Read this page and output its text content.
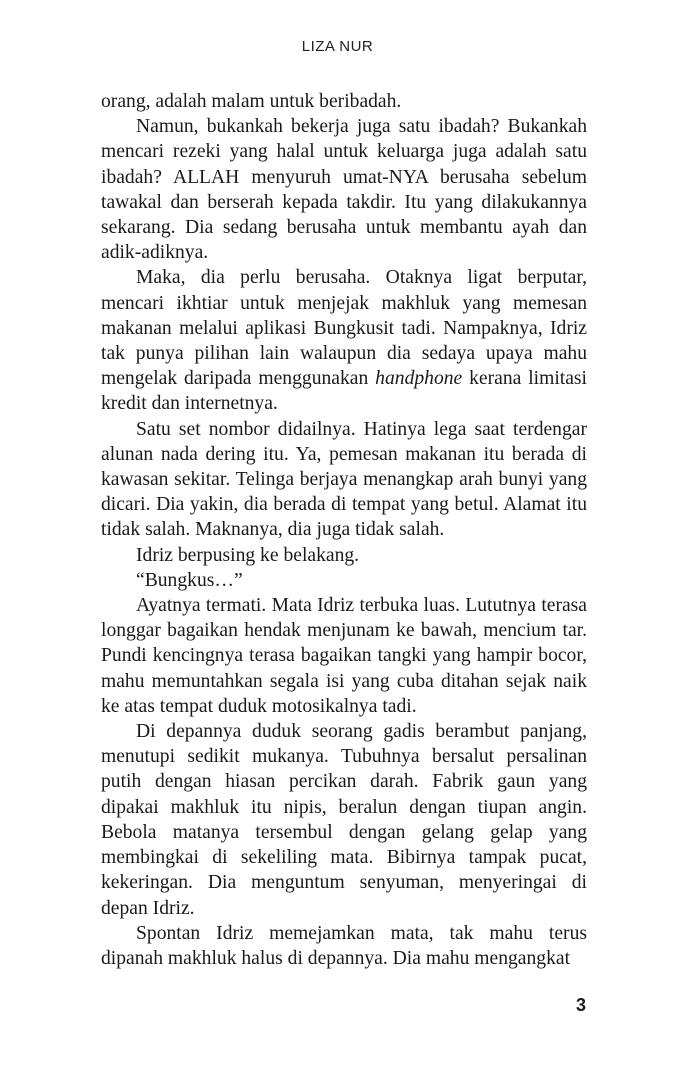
LIZA NUR

orang, adalah malam untuk beribadah.

Namun, bukankah bekerja juga satu ibadah? Bukankah mencari rezeki yang halal untuk keluarga juga adalah satu ibadah? ALLAH menyuruh umat-NYA berusaha sebelum tawakal dan berserah kepada takdir. Itu yang dilakukannya sekarang. Dia sedang berusaha untuk membantu ayah dan adik-adiknya.

Maka, dia perlu berusaha. Otaknya ligat berputar, mencari ikhtiar untuk menjejak makhluk yang memesan makanan melalui aplikasi Bungkusit tadi. Nampaknya, Idriz tak punya pilihan lain walaupun dia sedaya upaya mahu mengelak daripada menggunakan handphone kerana limitasi kredit dan internetnya.

Satu set nombor didailnya. Hatinya lega saat terdengar alunan nada dering itu. Ya, pemesan makanan itu berada di kawasan sekitar. Telinga berjaya menangkap arah bunyi yang dicari. Dia yakin, dia berada di tempat yang betul. Alamat itu tidak salah. Maknanya, dia juga tidak salah.

Idriz berpusing ke belakang.

“Bungkus…”

Ayatnya termati. Mata Idriz terbuka luas. Lututnya terasa longgar bagaikan hendak menjunam ke bawah, mencium tar. Pundi kencingnya terasa bagaikan tangki yang hampir bocor, mahu memuntahkan segala isi yang cuba ditahan sejak naik ke atas tempat duduk motosikalnya tadi.

Di depannya duduk seorang gadis berambut panjang, menutupi sedikit mukanya. Tubuhnya bersalut persalinan putih dengan hiasan percikan darah. Fabrik gaun yang dipakai makhluk itu nipis, beralun dengan tiupan angin. Bebola matanya tersembul dengan gelang gelap yang membingkai di sekeliling mata. Bibirnya tampak pucat, kekeringan. Dia menguntum senyuman, menyeringai di depan Idriz.

Spontan Idriz memejamkan mata, tak mahu terus dipanah makhluk halus di depannya. Dia mahu mengangkat

3
